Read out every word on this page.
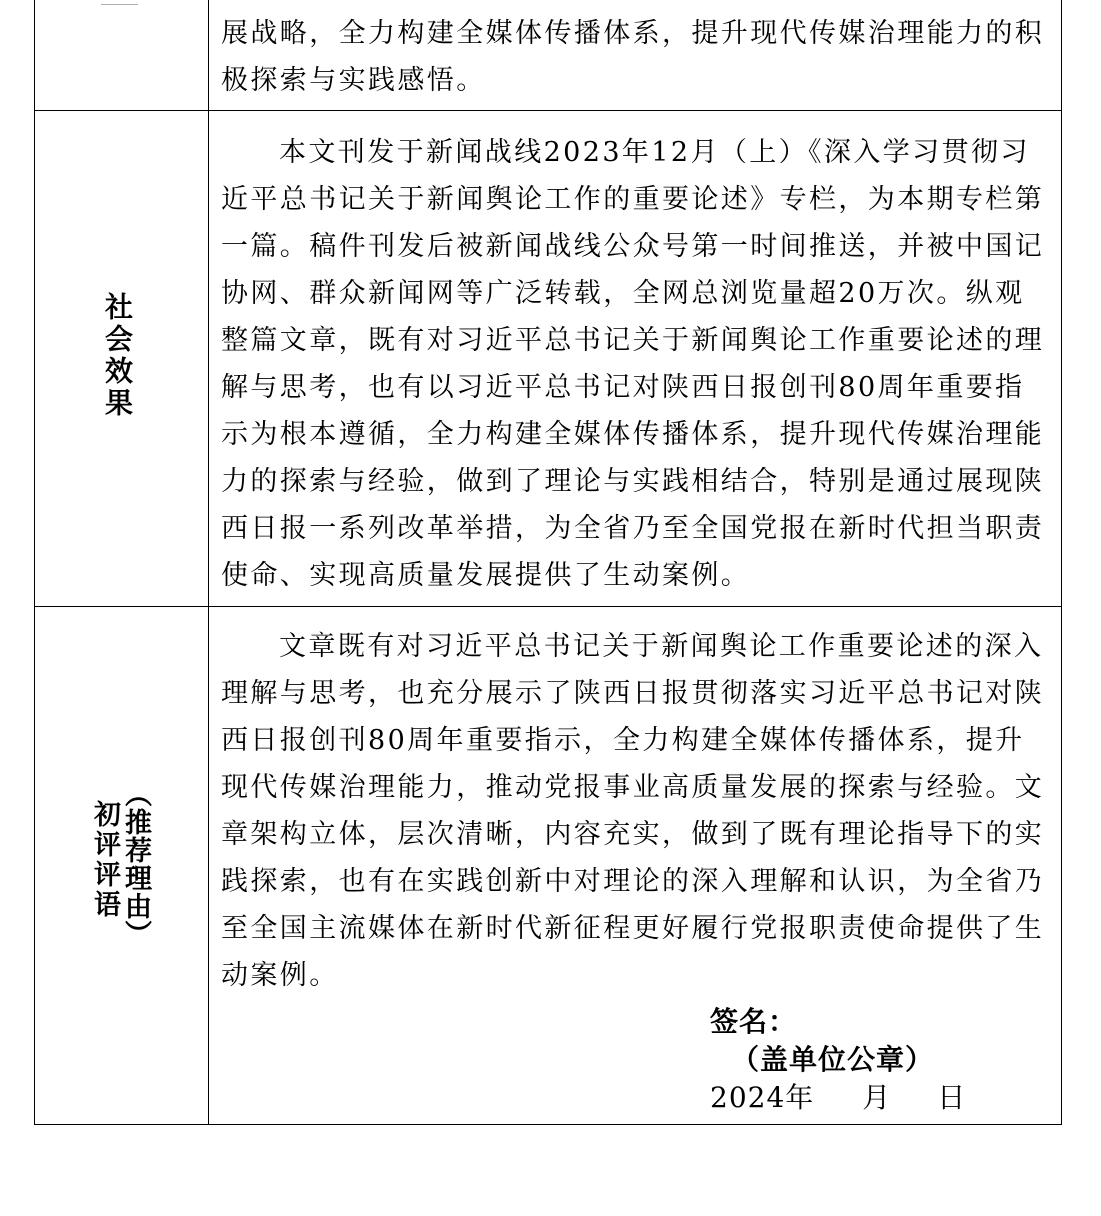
展战略，全力构建全媒体传播体系，提升现代传媒治理能力的积极探索与实践感悟。

社会效果

本文刊发于新闻战线2023年12月（上）《深入学习贯彻习近平总书记关于新闻舆论工作的重要论述》专栏，为本期专栏第一篇。稿件刊发后被新闻战线公众号第一时间推送，并被中国记协网、群众新闻网等广泛转载，全网总浏览量超20万次。纵观整篇文章，既有对习近平总书记关于新闻舆论工作重要论述的理解与思考，也有以习近平总书记对陕西日报创刊80周年重要指示为根本遵循，全力构建全媒体传播体系，提升现代传媒治理能力的探索与经验，做到了理论与实践相结合，特别是通过展现陕西日报一系列改革举措，为全省乃至全国党报在新时代担当职责使命、实现高质量发展提供了生动案例。

（推荐理由）
初评评语

文章既有对习近平总书记关于新闻舆论工作重要论述的深入理解与思考，也充分展示了陕西日报贯彻落实习近平总书记对陕西日报创刊80周年重要指示，全力构建全媒体传播体系，提升现代传媒治理能力，推动党报事业高质量发展的探索与经验。文章架构立体，层次清晰，内容充实，做到了既有理论指导下的实践探索，也有在实践创新中对理论的深入理解和认识，为全省乃至全国主流媒体在新时代新征程更好履行党报职责使命提供了生动案例。

签名：
（盖单位公章）
2024年 月 日
